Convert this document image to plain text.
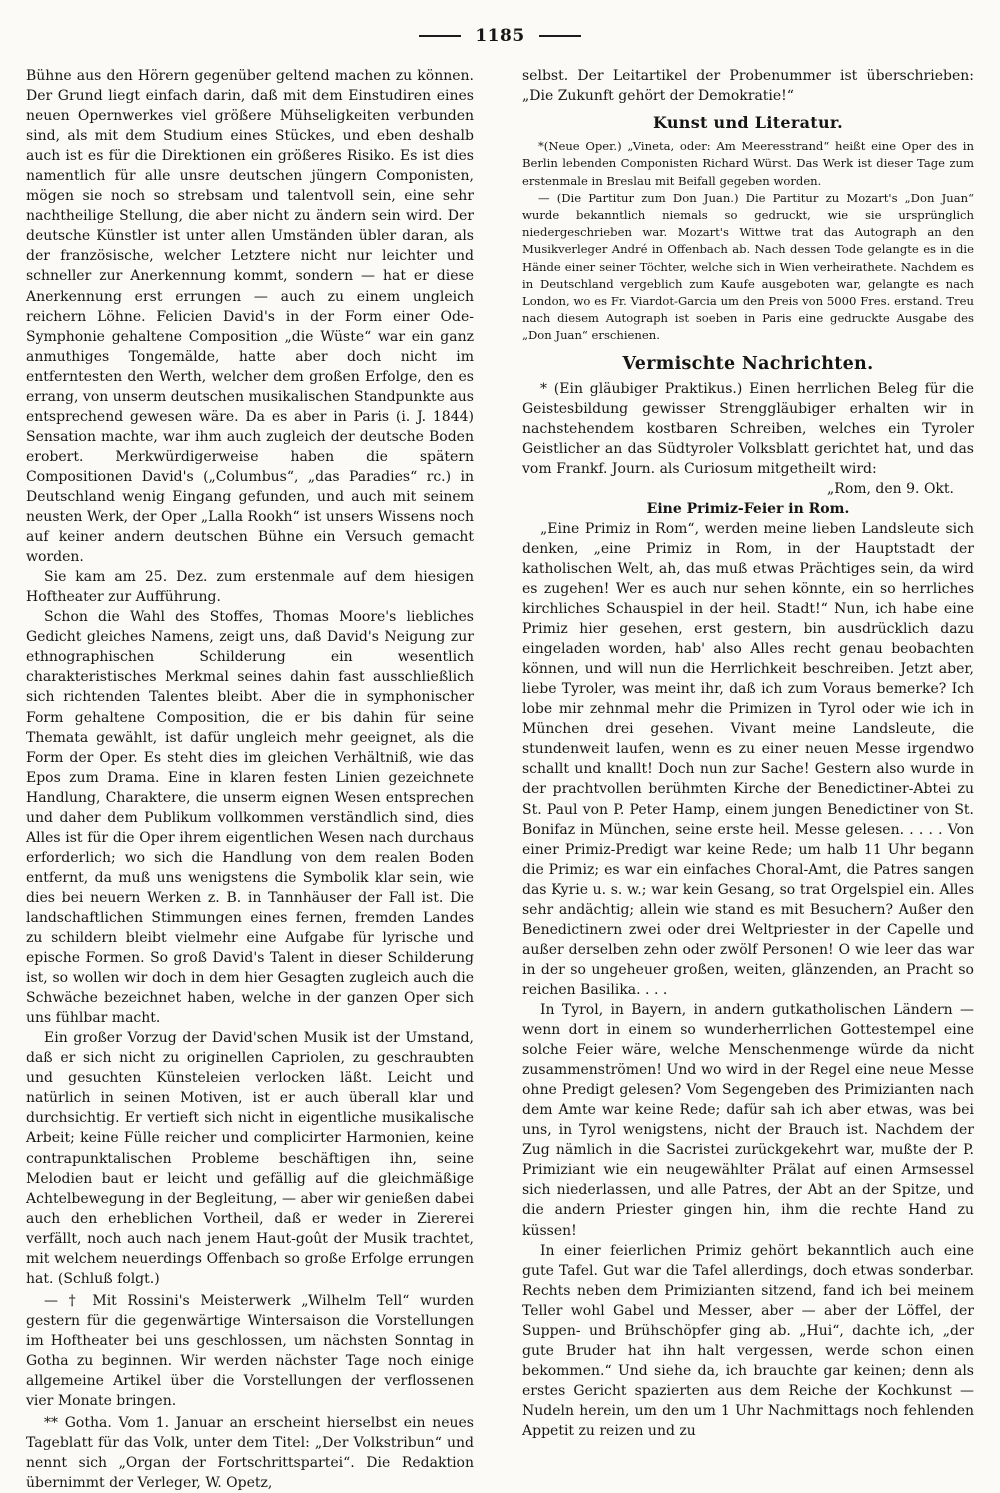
1185

Bühne aus den Hörern gegenüber geltend machen zu können. Der Grund liegt einfach darin, daß mit dem Einstudiren eines neuen Opernwerkes viel größere Mühseligkeiten verbunden sind, als mit dem Studium eines Stückes, und eben deshalb auch ist es für die Direktionen ein größeres Risiko. Es ist dies namentlich für alle unsre deutschen jüngern Componisten, mögen sie noch so strebsam und talentvoll sein, eine sehr nachtheilige Stellung, die aber nicht zu ändern sein wird. Der deutsche Künstler ist unter allen Umständen übler daran, als der französische, welcher Letztere nicht nur leichter und schneller zur Anerkennung kommt, sondern — hat er diese Anerkennung erst errungen — auch zu einem ungleich reichern Löhne. Felicien David's in der Form einer Ode-Symphonie gehaltene Composition „die Wüste“ war ein ganz anmuthiges Tongemälde, hatte aber doch nicht im entferntesten den Werth, welcher dem großen Erfolge, den es errang, von unserm deutschen musikalischen Standpunkte aus entsprechend gewesen wäre. Da es aber in Paris (i. J. 1844) Sensation machte, war ihm auch zugleich der deutsche Boden erobert. Merkwürdigerweise haben die spätern Compositionen David's („Columbus“, „das Paradies“ rc.) in Deutschland wenig Eingang gefunden, und auch mit seinem neusten Werk, der Oper „Lalla Rookh“ ist unsers Wissens noch auf keiner andern deutschen Bühne ein Versuch gemacht worden.

Sie kam am 25. Dez. zum erstenmale auf dem hiesigen Hoftheater zur Aufführung.

Schon die Wahl des Stoffes, Thomas Moore's liebliches Gedicht gleiches Namens, zeigt uns, daß David's Neigung zur ethnographischen Schilderung ein wesentlich charakteristisches Merkmal seines dahin fast ausschließlich sich richtenden Talentes bleibt. Aber die in symphonischer Form gehaltene Composition, die er bis dahin für seine Themata gewählt, ist dafür ungleich mehr geeignet, als die Form der Oper. Es steht dies im gleichen Verhältniß, wie das Epos zum Drama. Eine in klaren festen Linien gezeichnete Handlung, Charaktere, die unserm eignen Wesen entsprechen und daher dem Publikum vollkommen verständlich sind, dies Alles ist für die Oper ihrem eigentlichen Wesen nach durchaus erforderlich; wo sich die Handlung von dem realen Boden entfernt, da muß uns wenigstens die Symbolik klar sein, wie dies bei neuern Werken z. B. in Tannhäuser der Fall ist. Die landschaftlichen Stimmungen eines fernen, fremden Landes zu schildern bleibt vielmehr eine Aufgabe für lyrische und epische Formen. So groß David's Talent in dieser Schilderung ist, so wollen wir doch in dem hier Gesagten zugleich auch die Schwäche bezeichnet haben, welche in der ganzen Oper sich uns fühlbar macht.

Ein großer Vorzug der David'schen Musik ist der Umstand, daß er sich nicht zu originellen Capriolen, zu geschraubten und gesuchten Künsteleien verlocken läßt. Leicht und natürlich in seinen Motiven, ist er auch überall klar und durchsichtig. Er vertieft sich nicht in eigentliche musikalische Arbeit; keine Fülle reicher und complicirter Harmonien, keine contrapunktalischen Probleme beschäftigen ihn, seine Melodien baut er leicht und gefällig auf die gleichmäßige Achtelbewegung in der Begleitung, — aber wir genießen dabei auch den erheblichen Vortheil, daß er weder in Ziererei verfällt, noch auch nach jenem Haut-goût der Musik trachtet, mit welchem neuerdings Offenbach so große Erfolge errungen hat. (Schluß folgt.)

— † Mit Rossini's Meisterwerk „Wilhelm Tell“ wurden gestern für die gegenwärtige Wintersaison die Vorstellungen im Hoftheater bei uns geschlossen, um nächsten Sonntag in Gotha zu beginnen. Wir werden nächster Tage noch einige allgemeine Artikel über die Vorstellungen der verflossenen vier Monate bringen.

** Gotha. Vom 1. Januar an erscheint hierselbst ein neues Tageblatt für das Volk, unter dem Titel: „Der Volkstribun“ und nennt sich „Organ der Fortschrittspartei“. Die Redaktion übernimmt der Verleger, W. Opetz,

selbst. Der Leitartikel der Probenummer ist überschrieben: „Die Zukunft gehört der Demokratie!“

Kunst und Literatur.

*(Neue Oper.) „Vineta, oder: Am Meeresstrand“ heißt eine Oper des in Berlin lebenden Componisten Richard Würst. Das Werk ist dieser Tage zum erstenmale in Breslau mit Beifall gegeben worden.

— (Die Partitur zum Don Juan.) Die Partitur zu Mozart's „Don Juan“ wurde bekanntlich niemals so gedruckt, wie sie ursprünglich niedergeschrieben war. Mozart's Wittwe trat das Autograph an den Musikverleger André in Offenbach ab. Nach dessen Tode gelangte es in die Hände einer seiner Töchter, welche sich in Wien verheirathete. Nachdem es in Deutschland vergeblich zum Kaufe ausgeboten war, gelangte es nach London, wo es Fr. Viardot-Garcia um den Preis von 5000 Fres. erstand. Treu nach diesem Autograph ist soeben in Paris eine gedruckte Ausgabe des „Don Juan“ erschienen.

Vermischte Nachrichten.

* (Ein gläubiger Praktikus.) Einen herrlichen Beleg für die Geistesbildung gewisser Strenggläubiger erhalten wir in nachstehendem kostbaren Schreiben, welches ein Tyroler Geistlicher an das Südtyroler Volksblatt gerichtet hat, und das vom Frankf. Journ. als Curiosum mitgetheilt wird:

„Rom, den 9. Okt.

Eine Primiz-Feier in Rom.

„Eine Primiz in Rom“, werden meine lieben Landsleute sich denken, „eine Primiz in Rom, in der Hauptstadt der katholischen Welt, ah, das muß etwas Prächtiges sein, da wird es zugehen! Wer es auch nur sehen könnte, ein so herrliches kirchliches Schauspiel in der heil. Stadt!“ Nun, ich habe eine Primiz hier gesehen, erst gestern, bin ausdrücklich dazu eingeladen worden, hab' also Alles recht genau beobachten können, und will nun die Herrlichkeit beschreiben. Jetzt aber, liebe Tyroler, was meint ihr, daß ich zum Voraus bemerke? Ich lobe mir zehnmal mehr die Primizen in Tyrol oder wie ich in München drei gesehen. Vivant meine Landsleute, die stundenweit laufen, wenn es zu einer neuen Messe irgendwo schallt und knallt! Doch nun zur Sache! Gestern also wurde in der prachtvollen berühmten Kirche der Benedictiner-Abtei zu St. Paul von P. Peter Hamp, einem jungen Benedictiner von St. Bonifaz in München, seine erste heil. Messe gelesen. . . . . Von einer Primiz-Predigt war keine Rede; um halb 11 Uhr begann die Primiz; es war ein einfaches Choral-Amt, die Patres sangen das Kyrie u. s. w.; war kein Gesang, so trat Orgelspiel ein. Alles sehr andächtig; allein wie stand es mit Besuchern? Außer den Benedictinern zwei oder drei Weltpriester in der Capelle und außer derselben zehn oder zwölf Personen! O wie leer das war in der so ungeheuer großen, weiten, glänzenden, an Pracht so reichen Basilika. . . .

In Tyrol, in Bayern, in andern gutkatholischen Ländern — wenn dort in einem so wunderherrlichen Gottestempel eine solche Feier wäre, welche Menschenmenge würde da nicht zusammenströmen! Und wo wird in der Regel eine neue Messe ohne Predigt gelesen? Vom Segengeben des Primizianten nach dem Amte war keine Rede; dafür sah ich aber etwas, was bei uns, in Tyrol wenigstens, nicht der Brauch ist. Nachdem der Zug nämlich in die Sacristei zurückgekehrt war, mußte der P. Primiziant wie ein neugewählter Prälat auf einen Armsessel sich niederlassen, und alle Patres, der Abt an der Spitze, und die andern Priester gingen hin, ihm die rechte Hand zu küssen!

In einer feierlichen Primiz gehört bekanntlich auch eine gute Tafel. Gut war die Tafel allerdings, doch etwas sonderbar. Rechts neben dem Primizianten sitzend, fand ich bei meinem Teller wohl Gabel und Messer, aber — aber der Löffel, der Suppen- und Brühschöpfer ging ab. „Hui“, dachte ich, „der gute Bruder hat ihn halt vergessen, werde schon einen bekommen.“ Und siehe da, ich brauchte gar keinen; denn als erstes Gericht spazierten aus dem Reiche der Kochkunst — Nudeln herein, um den um 1 Uhr Nachmittags noch fehlenden Appetit zu reizen und zu
